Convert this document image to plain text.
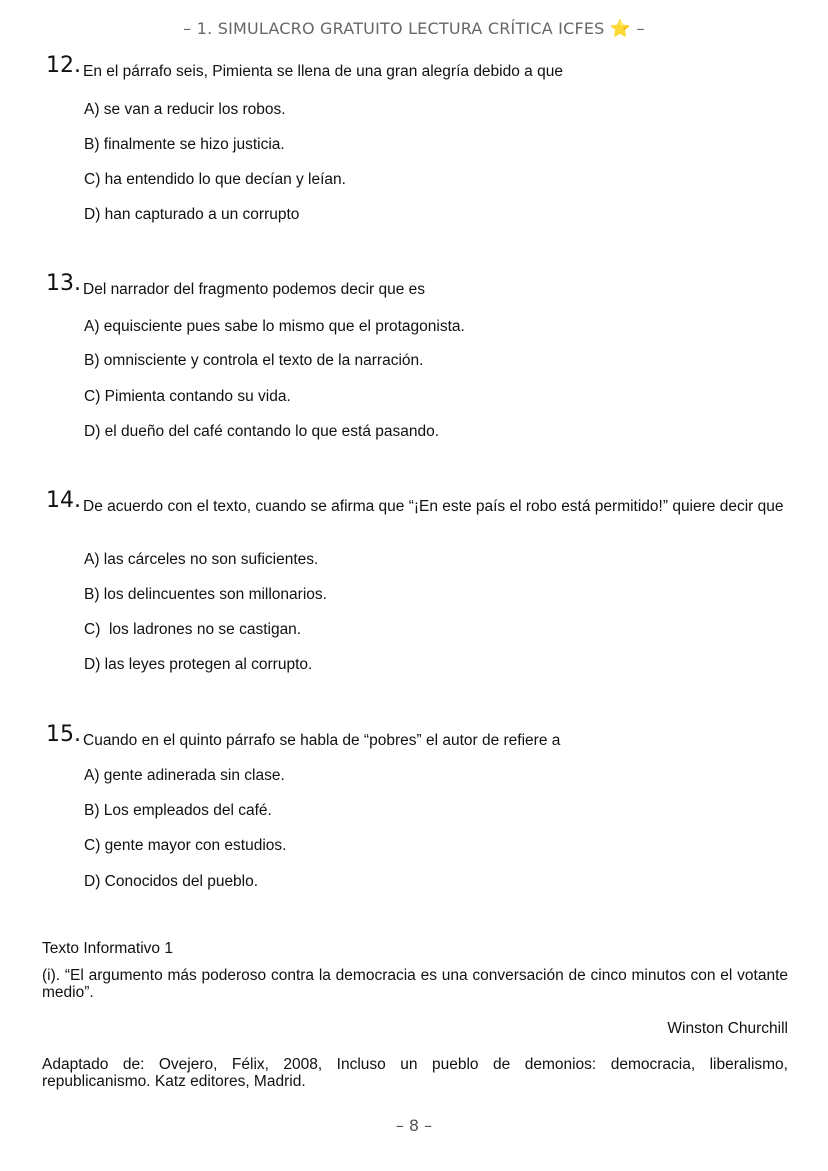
– 1. SIMULACRO GRATUITO LECTURA CRÍTICA ICFES ⭐ –
12. En el párrafo seis, Pimienta se llena de una gran alegría debido a que
A) se van a reducir los robos.
B) finalmente se hizo justicia.
C) ha entendido lo que decían y leían.
D) han capturado a un corrupto
13. Del narrador del fragmento podemos decir que es
A) equisciente pues sabe lo mismo que el protagonista.
B) omnisciente y controla el texto de la narración.
C) Pimienta contando su vida.
D) el dueño del café contando lo que está pasando.
14. De acuerdo con el texto, cuando se afirma que “¡En este país el robo está permitido!” quiere decir que
A) las cárceles no son suficientes.
B) los delincuentes son millonarios.
C)  los ladrones no se castigan.
D) las leyes protegen al corrupto.
15. Cuando en el quinto párrafo se habla de “pobres” el autor de refiere a
A) gente adinerada sin clase.
B) Los empleados del café.
C) gente mayor con estudios.
D) Conocidos del pueblo.
Texto Informativo 1
(i). “El argumento más poderoso contra la democracia es una conversación de cinco minutos con el votante medio”.
Winston Churchill
Adaptado de: Ovejero, Félix, 2008, Incluso un pueblo de demonios: democracia, liberalismo, republicanismo. Katz editores, Madrid.
– 8 –
